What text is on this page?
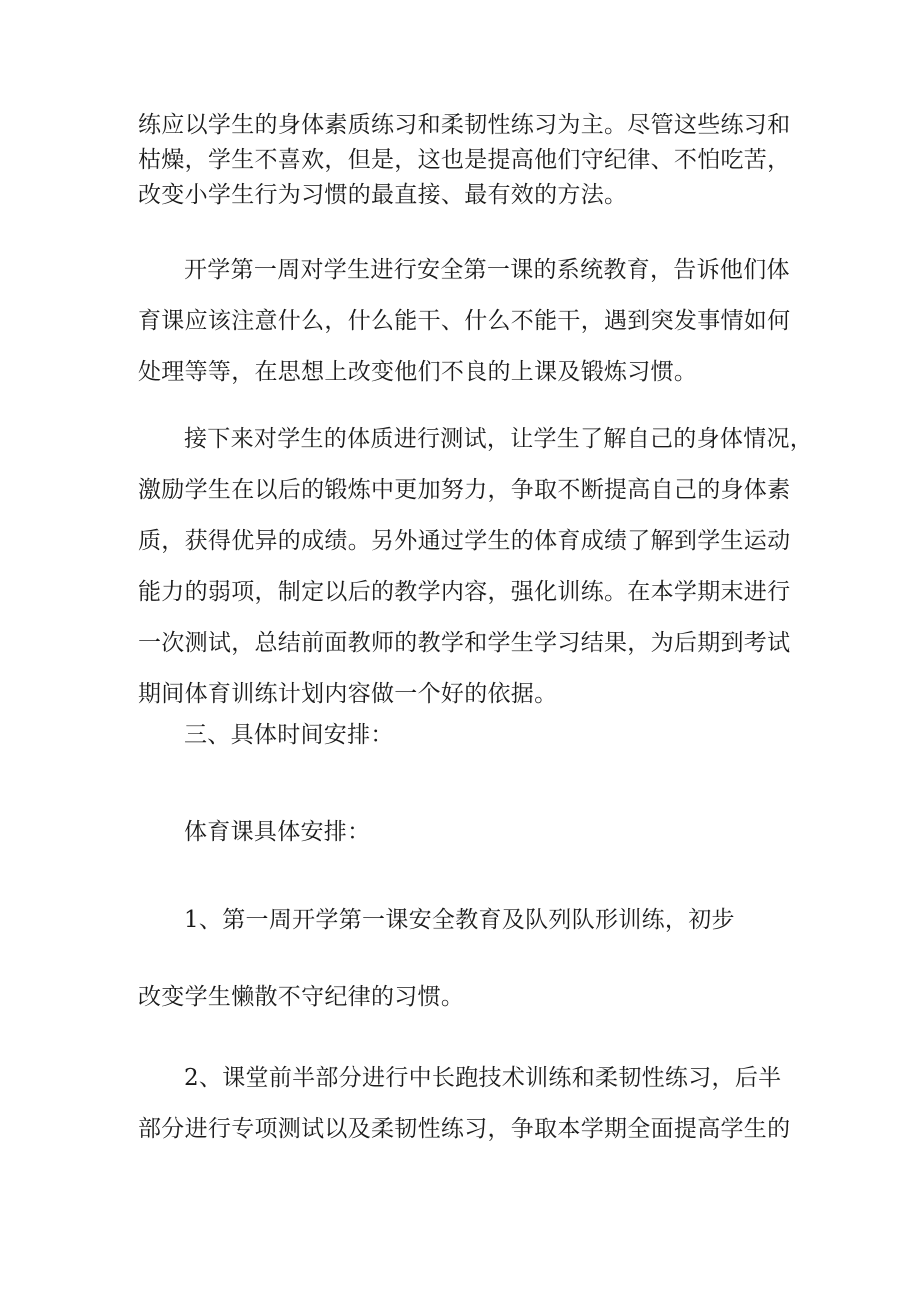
练应以学生的身体素质练习和柔韧性练习为主。尽管这些练习和
枯燥，学生不喜欢，但是，这也是提高他们守纪律、不怕吃苦，
改变小学生行为习惯的最直接、最有效的方法。
开学第一周对学生进行安全第一课的系统教育，告诉他们体
育课应该注意什么，什么能干、什么不能干，遇到突发事情如何
处理等等，在思想上改变他们不良的上课及锻炼习惯。
接下来对学生的体质进行测试，让学生了解自己的身体情况，
激励学生在以后的锻炼中更加努力，争取不断提高自己的身体素
质，获得优异的成绩。另外通过学生的体育成绩了解到学生运动
能力的弱项，制定以后的教学内容，强化训练。在本学期末进行
一次测试，总结前面教师的教学和学生学习结果，为后期到考试
期间体育训练计划内容做一个好的依据。
三、具体时间安排：
体育课具体安排：
1、第一周开学第一课安全教育及队列队形训练，初步
改变学生懒散不守纪律的习惯。
2、课堂前半部分进行中长跑技术训练和柔韧性练习，后半
部分进行专项测试以及柔韧性练习，争取本学期全面提高学生的
